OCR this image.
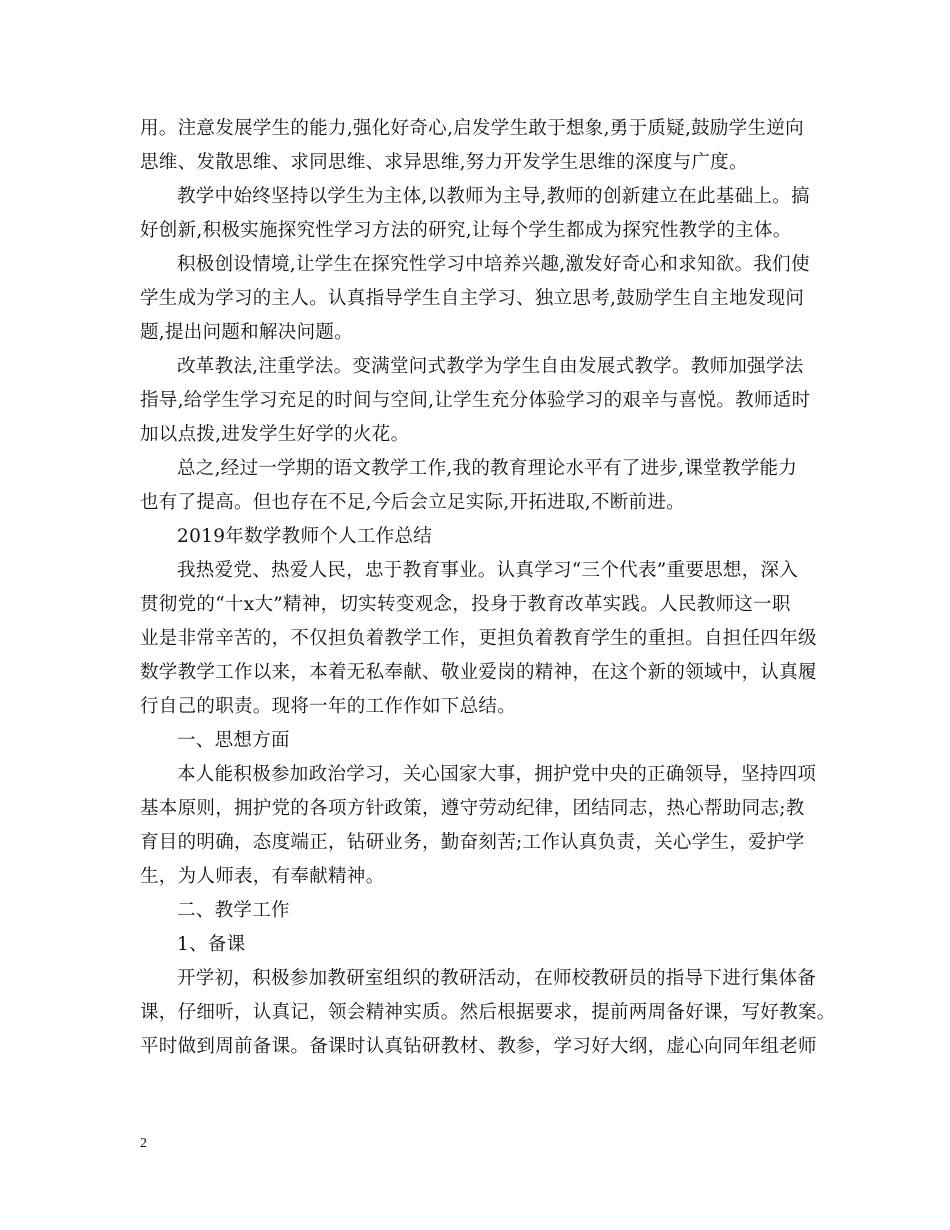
用。注意发展学生的能力,强化好奇心,启发学生敢于想象,勇于质疑,鼓励学生逆向
思维、发散思维、求同思维、求异思维,努力开发学生思维的深度与广度。
教学中始终坚持以学生为主体,以教师为主导,教师的创新建立在此基础上。搞
好创新,积极实施探究性学习方法的研究,让每个学生都成为探究性教学的主体。
积极创设情境,让学生在探究性学习中培养兴趣,激发好奇心和求知欲。我们使
学生成为学习的主人。认真指导学生自主学习、独立思考,鼓励学生自主地发现问
题,提出问题和解决问题。
改革教法,注重学法。变满堂问式教学为学生自由发展式教学。教师加强学法
指导,给学生学习充足的时间与空间,让学生充分体验学习的艰辛与喜悦。教师适时
加以点拨,进发学生好学的火花。
总之,经过一学期的语文教学工作,我的教育理论水平有了进步,课堂教学能力
也有了提高。但也存在不足,今后会立足实际,开拓进取,不断前进。
2019年数学教师个人工作总结
我热爱党、热爱人民，忠于教育事业。认真学习“三个代表”重要思想，深入
贯彻党的“十x大”精神，切实转变观念，投身于教育改革实践。人民教师这一职
业是非常辛苦的，不仅担负着教学工作，更担负着教育学生的重担。自担任四年级
数学教学工作以来，本着无私奉献、敬业爱岗的精神，在这个新的领域中，认真履
行自己的职责。现将一年的工作作如下总结。
一、思想方面
本人能积极参加政治学习，关心国家大事，拥护党中央的正确领导，坚持四项
基本原则，拥护党的各项方针政策，遵守劳动纪律，团结同志，热心帮助同志;教
育目的明确，态度端正，钻研业务，勤奋刻苦;工作认真负责，关心学生，爱护学
生，为人师表，有奉献精神。
二、教学工作
1、备课
开学初，积极参加教研室组织的教研活动，在师校教研员的指导下进行集体备
课，仔细听，认真记，领会精神实质。然后根据要求，提前两周备好课，写好教案。
平时做到周前备课。备课时认真钻研教材、教参，学习好大纲，虚心向同年组老师
2
